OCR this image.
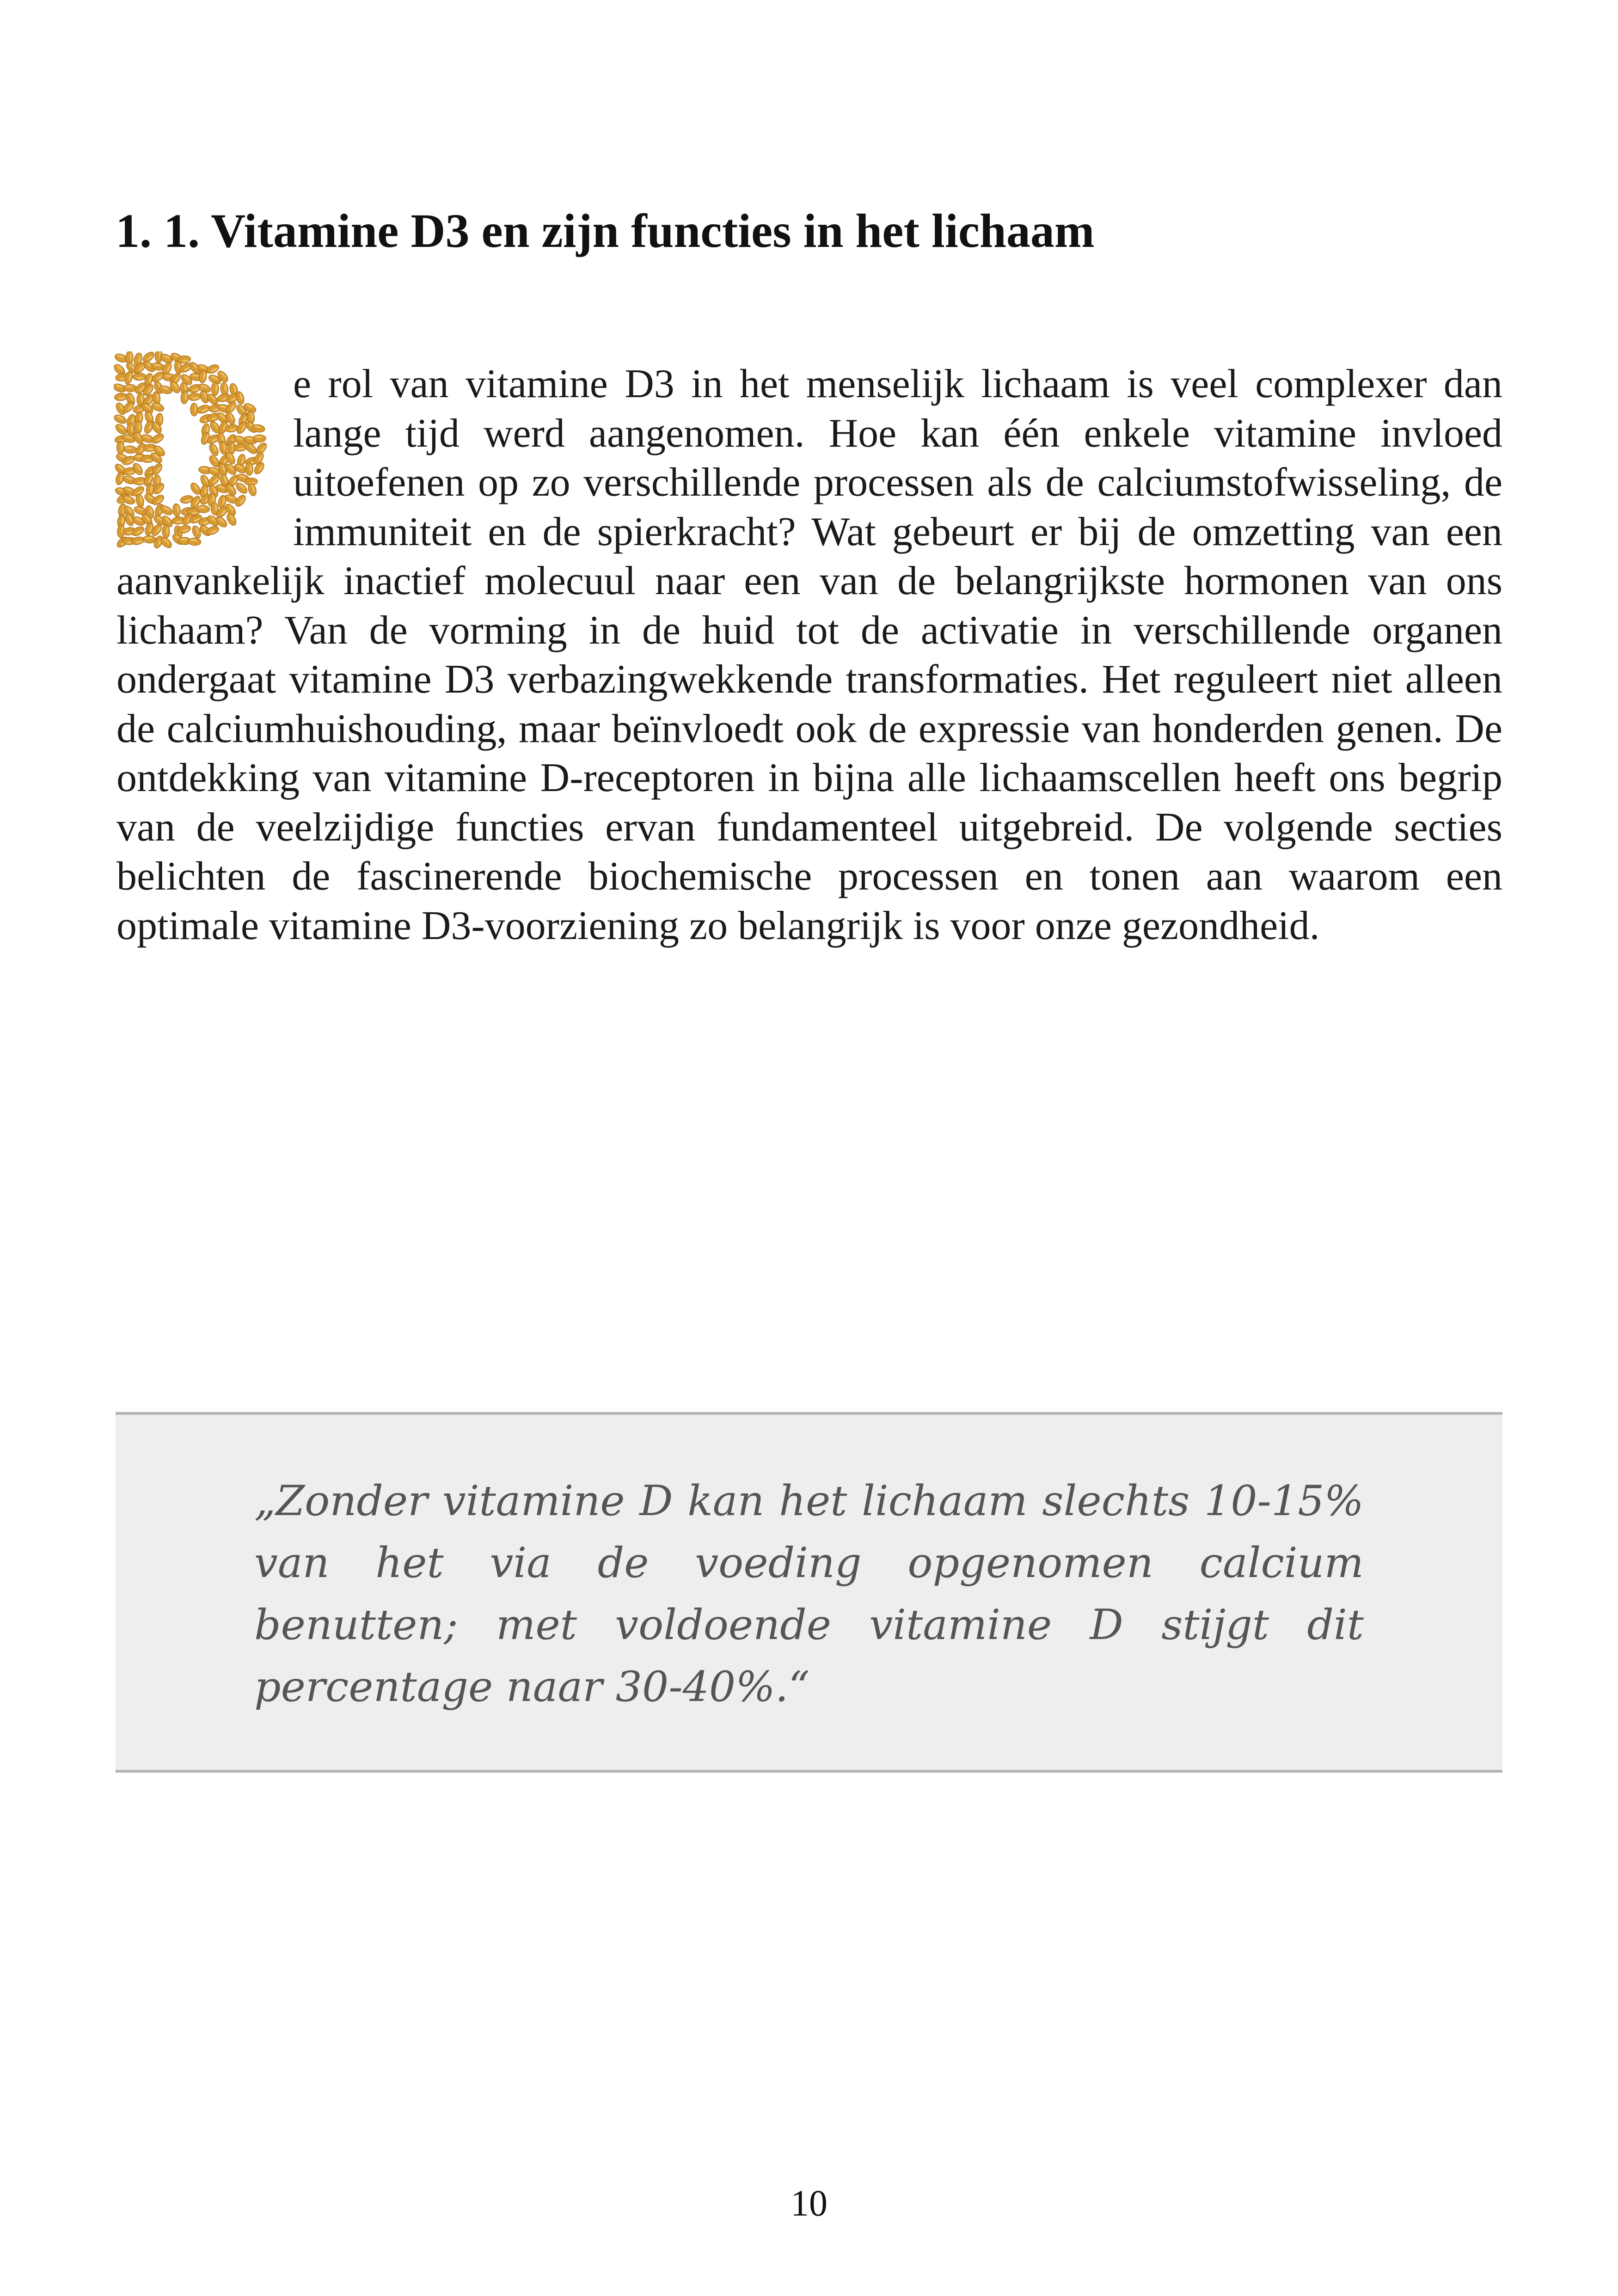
1. 1. Vitamine D3 en zijn functies in het lichaam

e rol van vitamine D3 in het menselijk lichaam is veel complexer dan lange tijd werd aangenomen. Hoe kan één enkele vitamine invloed uitoefenen op zo verschillende processen als de calciumstofwisseling, de immuniteit en de spierkracht? Wat gebeurt er bij de omzetting van een aanvankelijk inactief molecuul naar een van de belangrijkste hormonen van ons lichaam? Van de vorming in de huid tot de activatie in verschillende organen ondergaat vitamine D3 verbazingwekkende transformaties. Het reguleert niet alleen de calciumhuishouding, maar beïnvloedt ook de expressie van honderden genen. De ontdekking van vitamine D-receptoren in bijna alle lichaamscellen heeft ons begrip van de veelzijdige functies ervan fundamenteel uitgebreid. De volgende secties belichten de fascinerende biochemische processen en tonen aan waarom een optimale vitamine D3-voorziening zo belangrijk is voor onze gezondheid.

„Zonder vitamine D kan het lichaam slechts 10-15% van het via de voeding opgenomen calcium benutten; met voldoende vitamine D stijgt dit percentage naar 30-40%.“

10
